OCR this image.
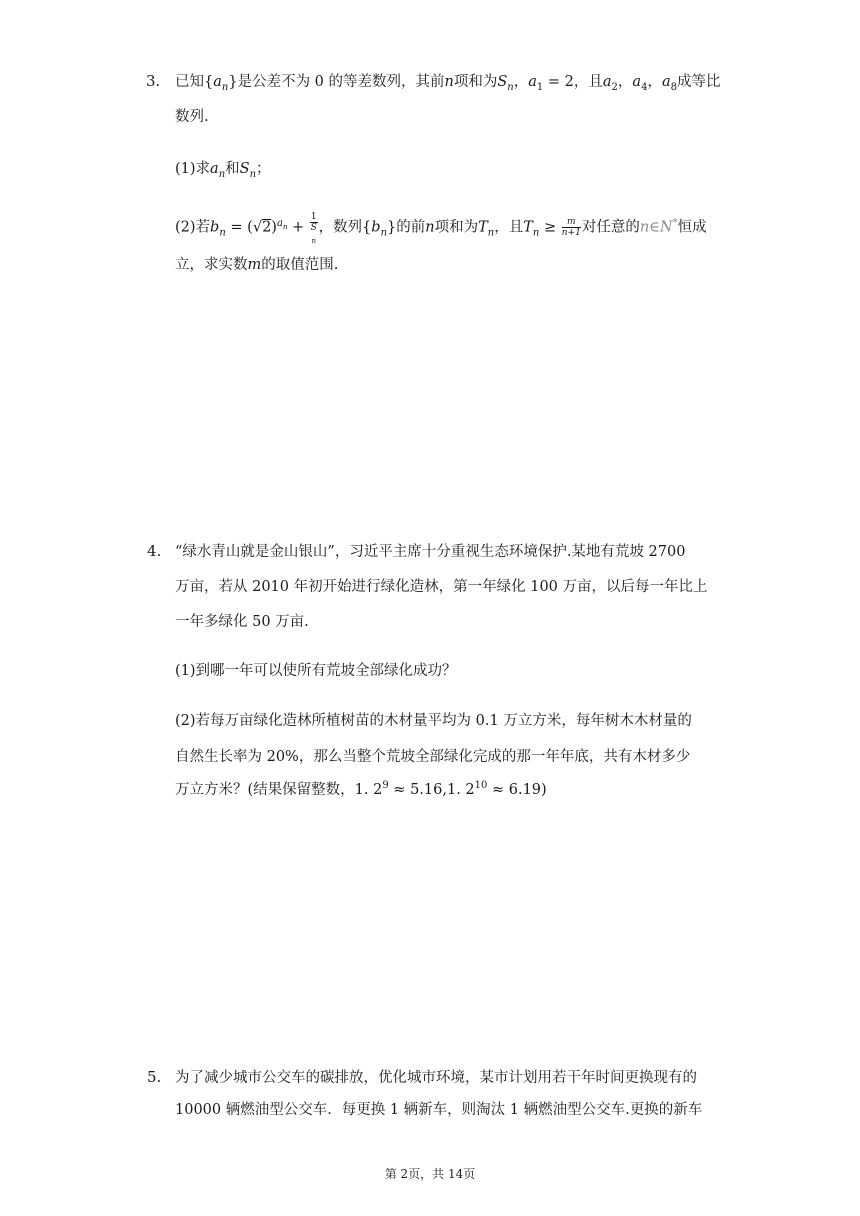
3. 已知$\{a_n\}$是公差不为 0 的等差数列，其前n项和为$S_n$，$a_1 = 2$，且$a_2$，$a_4$，$a_8$成等比
数列.
(1)求$a_n$和$S_n$；
(2)若$b_n = (√2)^{a_n} + 1$
S
$_n$ ，数列$\{b_n\}$的前n项和为$T_n$，且$T_n \ge \frac{m}{n+1}$ 对任意的n∈N*恒成
立，求实数m的取值范围.
4. “绿水青山就是金山银山”，习近平主席十分重视生态环境保护.某地有荒坡 2700
万亩，若从 2010 年初开始进行绿化造林，第一年绿化 100 万亩，以后每一年比上
一年多绿化 50 万亩.
(1)到哪一年可以使所有荒坡全部绿化成功？
(2)若每万亩绿化造林所植树苗的木材量平均为 0.1 万立方米，每年树木木材量的
自然生长率为 20%，那么当整个荒坡全部绿化完成的那一年年底，共有木材多少
万立方米？(结果保留整数，1. $2^9 \approx 5.16,1$. $2^{10} \approx 6.19$)
5. 为了减少城市公交车的碳排放，优化城市环境，某市计划用若干年时间更换现有的
10000 辆燃油型公交车．每更换 1 辆新车，则淘汰 1 辆燃油型公交车.更换的新车
第 2页，共 14页
